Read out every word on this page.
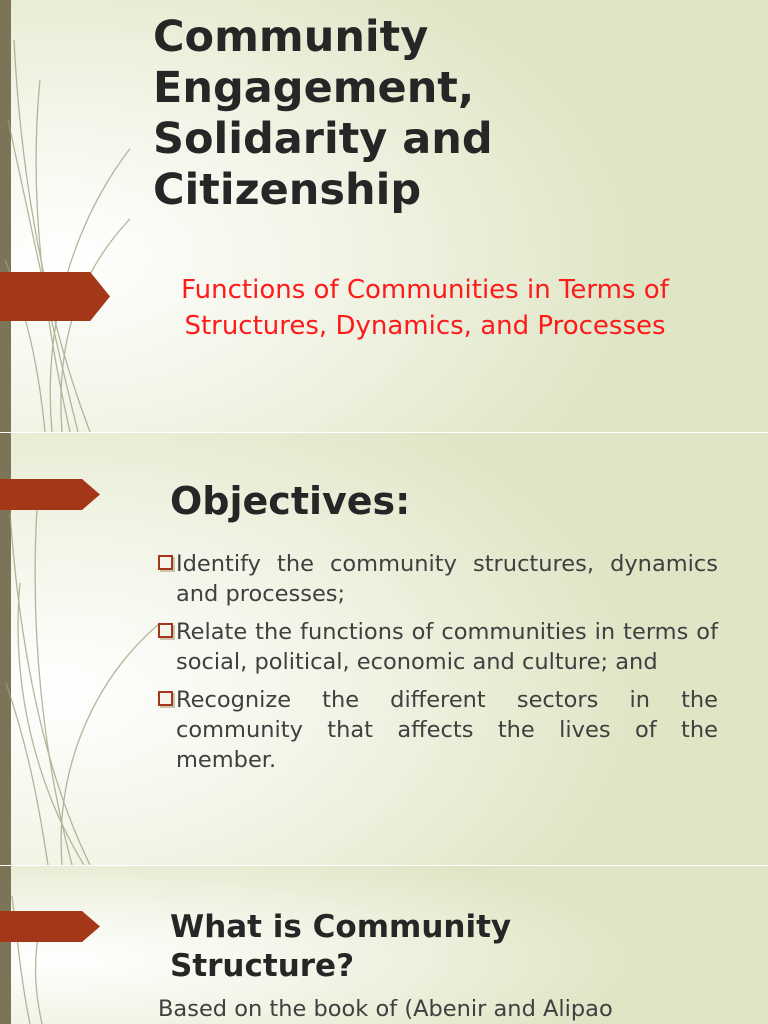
Community
Engagement,
Solidarity and
Citizenship

Functions of Communities in Terms of
Structures, Dynamics, and Processes

Objectives:
Identify the community structures, dynamics and processes;
Relate the functions of communities in terms of social, political, economic and culture; and
Recognize the different sectors in the community that affects the lives of the member.
What is Community
Structure?

Based on the book of (Abenir and Alipao
